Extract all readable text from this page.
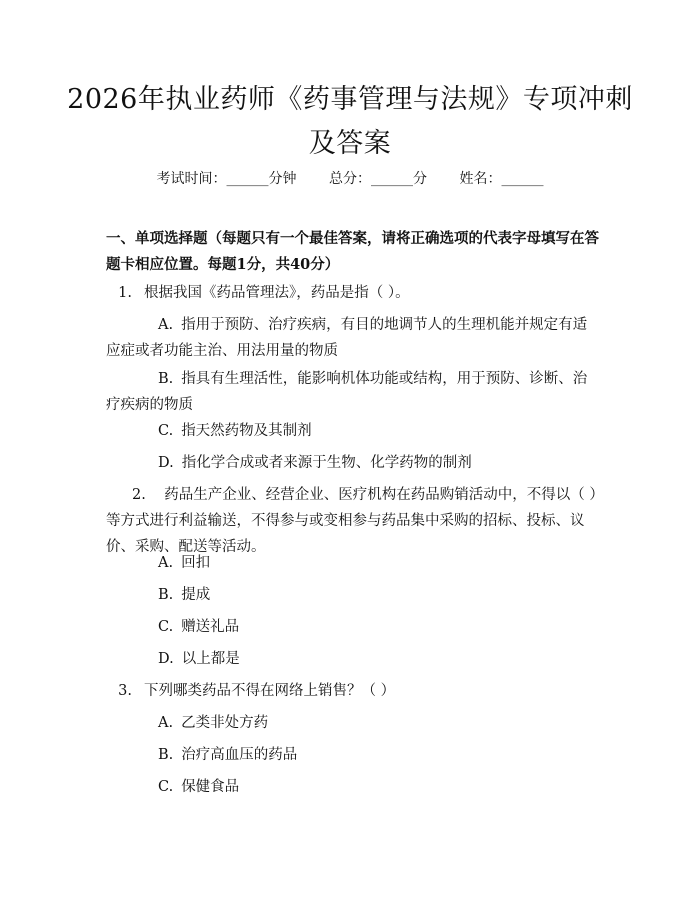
2026年执业药师《药事管理与法规》专项冲刺及答案
考试时间：______分钟 总分：______分 姓名：______
一、单项选择题（每题只有一个最佳答案，请将正确选项的代表字母填写在答题卡相应位置。每题1分，共40分）
1. 根据我国《药品管理法》，药品是指（ ）。
A. 指用于预防、治疗疾病，有目的地调节人的生理机能并规定有适应症或者功能主治、用法用量的物质
B. 指具有生理活性，能影响机体功能或结构，用于预防、诊断、治疗疾病的物质
C. 指天然药物及其制剂
D. 指化学合成或者来源于生物、化学药物的制剂
2. 药品生产企业、经营企业、医疗机构在药品购销活动中，不得以（ ）等方式进行利益输送，不得参与或变相参与药品集中采购的招标、投标、议价、采购、配送等活动。
A. 回扣
B. 提成
C. 赠送礼品
D. 以上都是
3. 下列哪类药品不得在网络上销售？（ ）
A. 乙类非处方药
B. 治疗高血压的药品
C. 保健食品
